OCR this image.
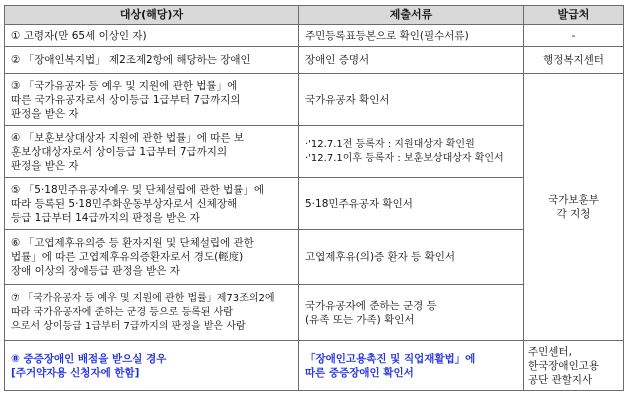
대상(해당)자	제출서류	발급처

① 고령자(만 65세 이상인 자)	주민등록표등본으로 확인(필수서류)	-

② 「장애인복지법」 제2조제2항에 해당하는 장애인	장애인 증명서	행정복지센터

③ 「국가유공자 등 예우 및 지원에 관한 법률」에
따른 국가유공자로서 상이등급 1급부터 7급까지의
판정을 받은 자	국가유공자 확인서	국가보훈부
각 지청

④ 「보훈보상대상자 지원에 관한 법률」에 따른 보
훈보상대상자로서 상이등급 1급부터 7급까지의
판정을 받은 자	·'12.7.1전 등록자 : 지원대상자 확인원
·'12.7.1이후 등록자 : 보훈보상대상자 확인서	

⑤ 「5·18민주유공자예우 및 단체설립에 관한 법률」에
따라 등록된 5·18민주화운동부상자로서 신체장해
등급 1급부터 14급까지의 판정을 받은 자	5·18민주유공자 확인서	

⑥ 「고엽제후유의증 등 환자지원 및 단체설립에 관한
법률」에 따른 고엽제후유의증환자로서 경도(輕度)
장애 이상의 장애등급 판정을 받은 자	고엽제후유(의)증 환자 등 확인서	

⑦ 「국가유공자 등 예우 및 지원에 관한 법률」제73조의2에
따라 국가유공자에 준하는 군경 등으로 등록된 사람
으로서 상이등급 1급부터 7급까지의 판정을 받은 사람	국가유공자에 준하는 군경 등
(유족 또는 가족) 확인서	

⑧ 중증장애인 배점을 받으실 경우
[주거약자용 신청자에 한함]	「장애인고용촉진 및 직업재활법」에
따른 중증장애인 확인서	주민센터,
한국장애인고용
공단 관할지사
